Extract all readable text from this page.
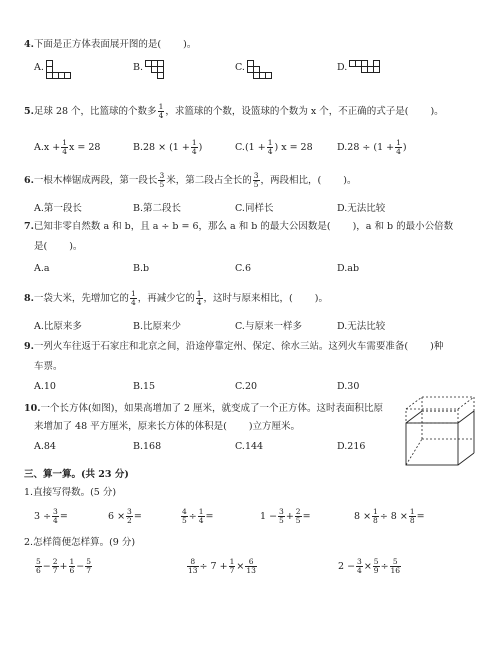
4.下面是正方体表面展开图的是( )。
A.	B.	C.	D.
5.足球 28 个，比篮球的个数多 $\frac{1}{4}$ ，求篮球的个数，设篮球的个数为 x 个，不正确的式子是( )。
$A.x + \frac{1}{4}$ x = 28	$B.28 \times (1 + \frac{1}{4}$ )	$C.(1 + \frac{1}{4}$ ) x = 28	$D.28 \div (1 + \frac{1}{4}$ )
6.一根木棒锯成两段，第一段长 $\frac{3}{5}$ 米，第二段占全长的 $\frac{3}{5}$ ，两段相比，( )。
A.第一段长	B.第二段长	C.同样长	D.无法比较
7.已知非零自然数 a 和 b，且 a ÷ b = 6，那么 a 和 b 的最大公因数是( )，a 和 b 的最小公倍数
是( )。
A.a	B.b	C.6	D.ab
8.一袋大米，先增加它的 $\frac{1}{4}$ ，再减少它的 $\frac{1}{4}$ ，这时与原来相比，( )。
A.比原来多	B.比原来少	C.与原来一样多	D.无法比较
9.一列火车往返于石家庄和北京之间，沿途停靠定州、保定、徐水三站。这列火车需要准备( )种
车票。
A.10	B.15	C.20	D.30
10.一个长方体(如图)，如果高增加了 2 厘米，就变成了一个正方体。这时表面积比原
来增加了 48 平方厘米，原来长方体的体积是( )立方厘米。
A.84	B.168	C.144	D.216
三、算一算。(共 23 分)
1.直接写得数。(5 分)
$3 \div \frac{3}{4}$ =	$6 \times \frac{3}{2}$ =	$\frac{4}{5} \div \frac{1}{4}$ =	$1 - \frac{3}{5} + \frac{2}{5}$ =	$8 \times \frac{1}{8} \div 8 \times \frac{1}{8}$ =
2.怎样简便怎样算。(9 分)
$\frac{5}{6} - \frac{2}{7} + \frac{1}{6} - \frac{5}{7}$	$\frac{8}{13} \div 7 + \frac{1}{7} \times \frac{6}{13}$	$2 - \frac{3}{4} \times \frac{5}{9} \div \frac{5}{16}$
